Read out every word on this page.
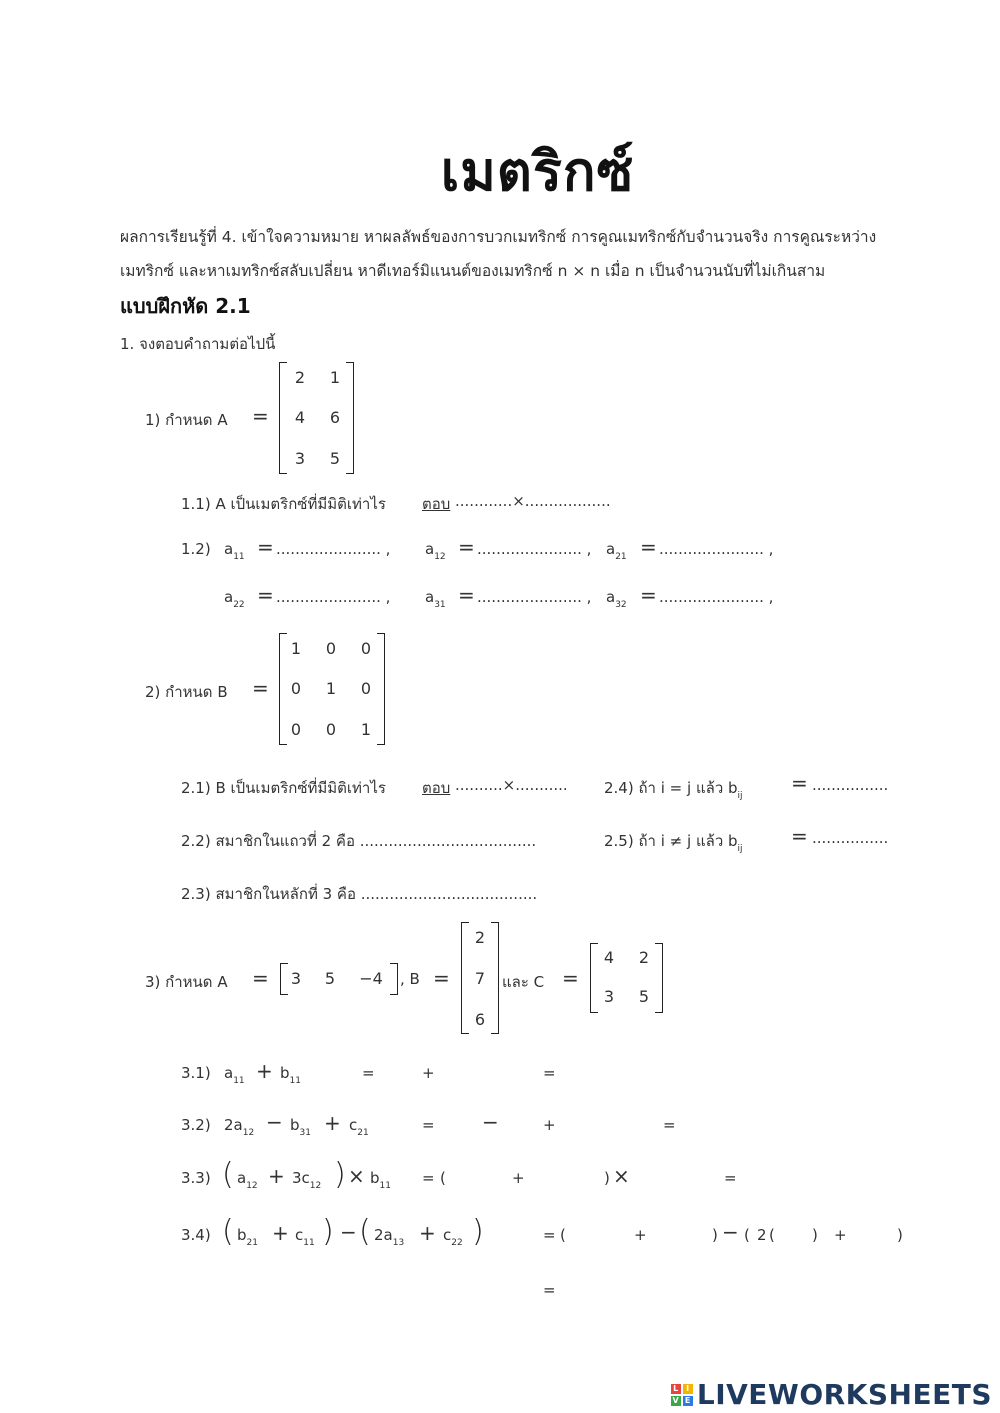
เมตริกซ์
ผลการเรียนรู้ที่ 4. เข้าใจความหมาย หาผลลัพธ์ของการบวกเมทริกซ์ การคูณเมทริกซ์กับจำนวนจริง การคูณระหว่าง
เมทริกซ์ และหาเมทริกซ์สลับเปลี่ยน หาดีเทอร์มิแนนต์ของเมทริกซ์ n × n เมื่อ n เป็นจำนวนนับที่ไม่เกินสาม
แบบฝึกหัด 2.1
1. จงตอบคำถามต่อไปนี้
1) กำหนด A =
2	1
4	6
3	5
1.1) A เป็นเมตริกซ์ที่มีมิติเท่าไร ตอบ ............×..................
1.2) $a_{11}$ = ...................... , $a_{12}$ = ...................... , $a_{21}$ = ...................... ,
$a_{22}$ = ...................... , $a_{31}$ = ...................... , $a_{32}$ = ...................... ,
2) กำหนด B =
1	0	0
0	1	0
0	0	1
2.1) B เป็นเมตริกซ์ที่มีมิติเท่าไร ตอบ ..........×........... 2.4) ถ้า i = j แล้ว $b_{ij}$
= ................
2.2) สมาชิกในแถวที่ 2 คือ .....................................	2.5) ถ้า i ≠ j แล้ว $b_{ij}$
= ................
2.3) สมาชิกในหลักที่ 3 คือ .....................................
3) กำหนด A =	3	5	−4 , B =
2
7
6
และ C =
4	2
3	5
3.1) $a_{11} + b_{11}$	=	+	=
3.2) $2a_{12} - b_{31} + c_{21}$	= −	+	=
3.3) ( $a_{12} + 3c_{12}$ ) × $b_{11}$ = (	+	) ×	=
3.4) ( $b_{21} + c_{11}$ ) − ( $2a_{13} + c_{22}$ )	= (	+	) − ( 2 ( ) +	)
=
L I
V E LIVEWORKSHEETS
